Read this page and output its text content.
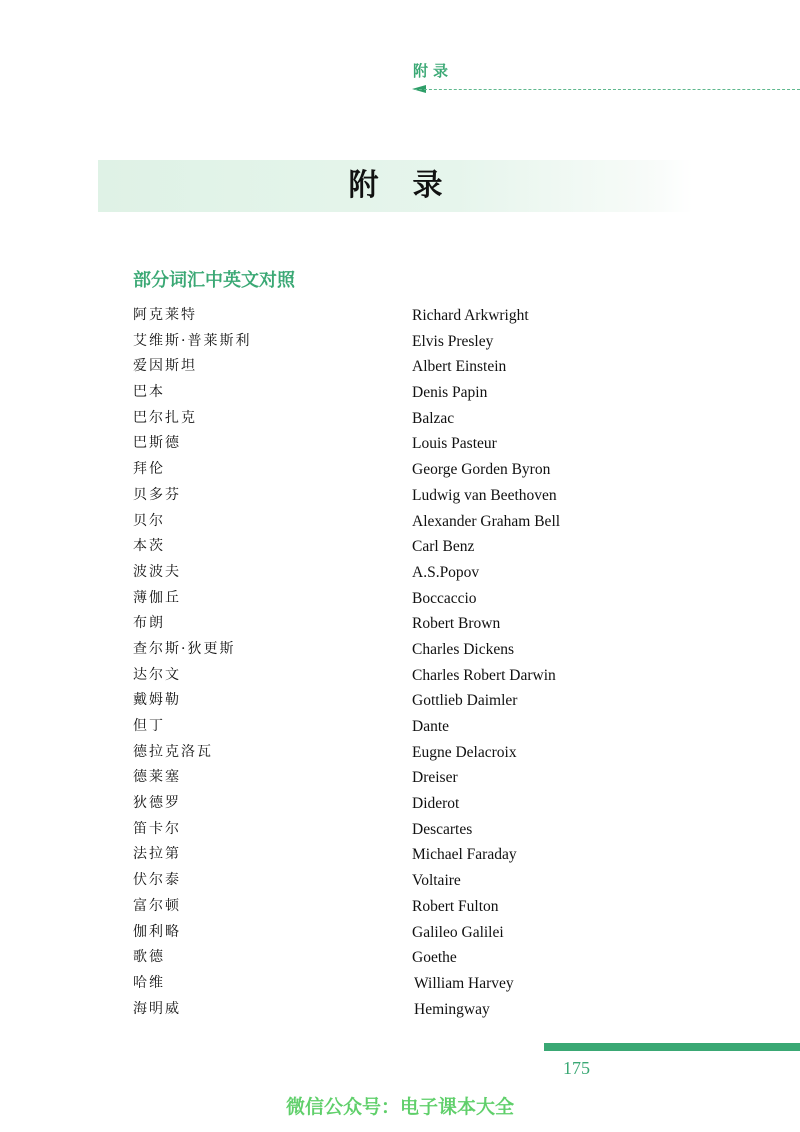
附录
附录
部分词汇中英文对照
阿克莱特	Richard Arkwright
艾维斯·普莱斯利	Elvis Presley
爱因斯坦	Albert Einstein
巴本	Denis Papin
巴尔扎克	Balzac
巴斯德	Louis Pasteur
拜伦	George Gorden Byron
贝多芬	Ludwig van Beethoven
贝尔	Alexander Graham Bell
本茨	Carl Benz
波波夫	A.S.Popov
薄伽丘	Boccaccio
布朗	Robert Brown
查尔斯·狄更斯	Charles Dickens
达尔文	Charles Robert Darwin
戴姆勒	Gottlieb Daimler
但丁	Dante
德拉克洛瓦	Eugne Delacroix
德莱塞	Dreiser
狄德罗	Diderot
笛卡尔	Descartes
法拉第	Michael Faraday
伏尔泰	Voltaire
富尔顿	Robert Fulton
伽利略	Galileo Galilei
歌德	Goethe
哈维	William Harvey
海明威	Hemingway
175
微信公众号：电子课本大全
